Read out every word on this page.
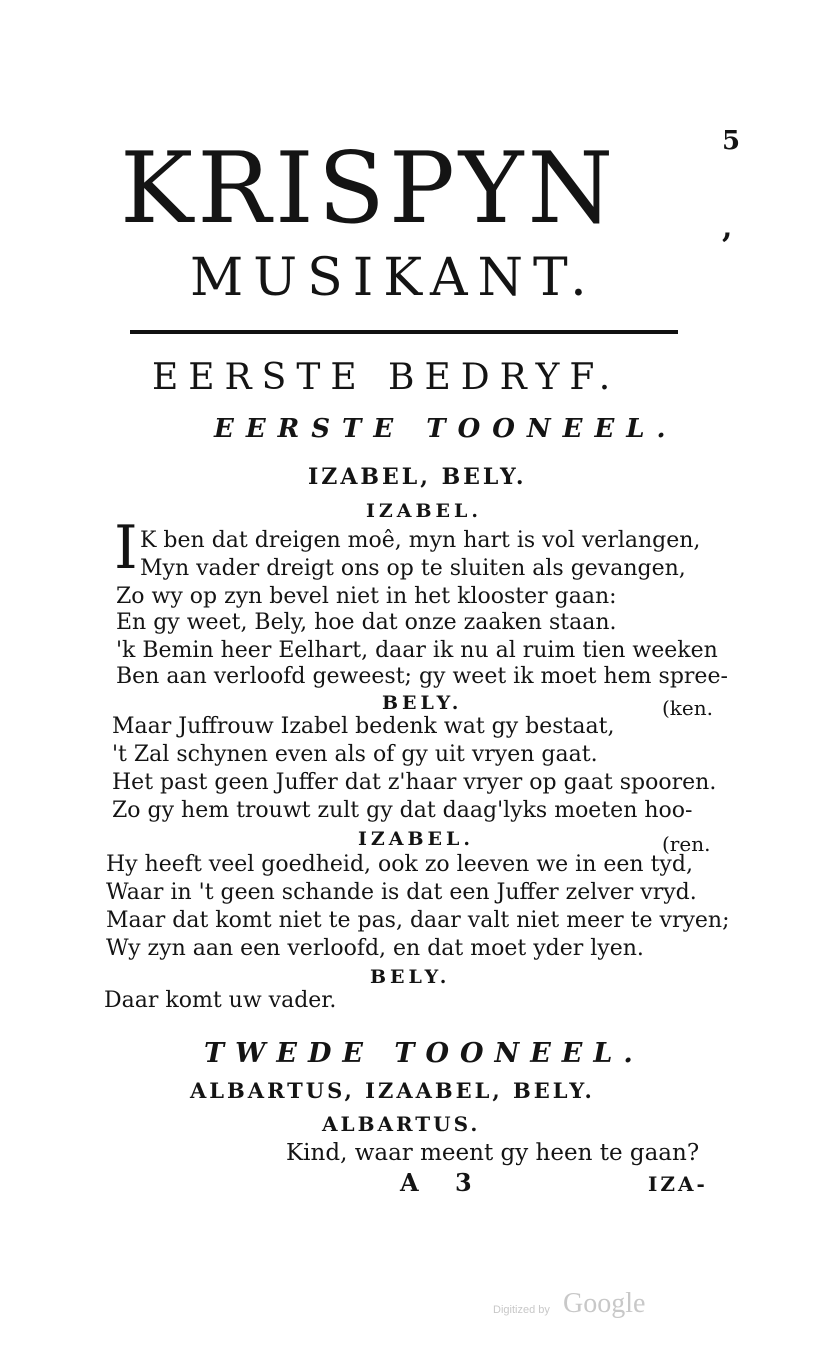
5
KRISPYN	,
MUSIKANT.
EERSTE BEDRYF.
EERSTE TOONEEL.
IZABEL, BELY.
IZABEL.
I K ben dat dreigen moê, myn hart is vol verlangen,
Myn vader dreigt ons op te sluiten als gevangen,
Zo wy op zyn bevel niet in het klooster gaan:
En gy weet, Bely, hoe dat onze zaaken staan.
'k Bemin heer Eelhart, daar ik nu al ruim tien weeken
Ben aan verloofd geweest; gy weet ik moet hem spree-
BELY.	(ken.
Maar Juffrouw Izabel bedenk wat gy bestaat,
't Zal schynen even als of gy uit vryen gaat.
Het past geen Juffer dat z'haar vryer op gaat spooren.
Zo gy hem trouwt zult gy dat daag'lyks moeten hoo-
IZABEL.	(ren.
Hy heeft veel goedheid, ook zo leeven we in een tyd,
Waar in 't geen schande is dat een Juffer zelver vryd.
Maar dat komt niet te pas, daar valt niet meer te vryen;
Wy zyn aan een verloofd, en dat moet yder lyen.
BELY.
Daar komt uw vader.
TWEDE TOONEEL.
ALBARTUS, IZAABEL, BELY.
ALBARTUS.
Kind, waar meent gy heen te gaan?
A 3	IZA-
Digitized by Google
